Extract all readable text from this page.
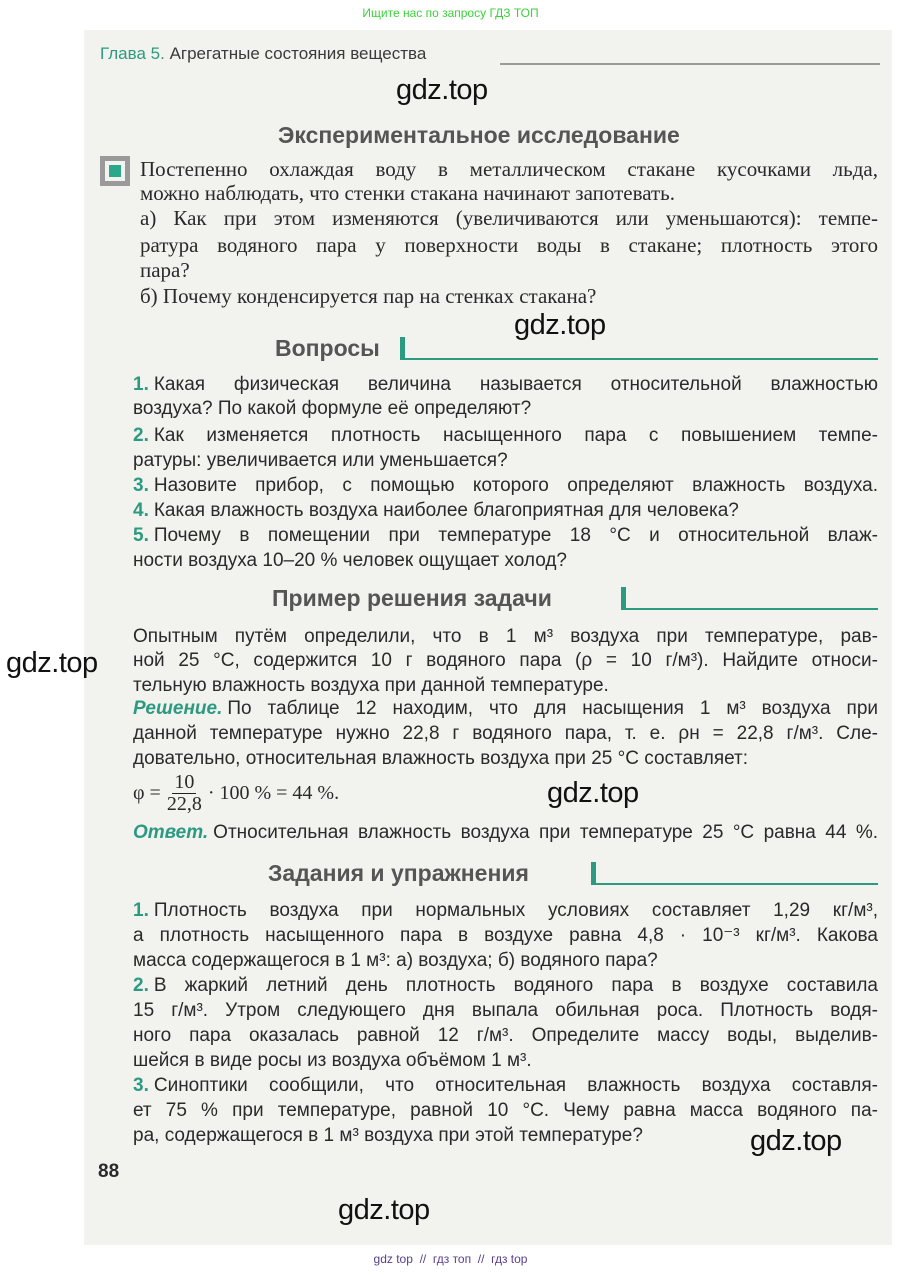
Ищите нас по запросу ГДЗ ТОП
Глава 5. Агрегатные состояния вещества
gdz.top
Экспериментальное исследование
Постепенно охлаждая воду в металлическом стакане кусочками льда,
можно наблюдать, что стенки стакана начинают запотевать.
а) Как при этом изменяются (увеличиваются или уменьшаются): темпе-
ратура водяного пара у поверхности воды в стакане; плотность этого
пара?
б) Почему конденсируется пар на стенках стакана?
gdz.top
Вопросы
1. Какая физическая величина называется относительной влажностью
воздуха? По какой формуле её определяют?
2. Как изменяется плотность насыщенного пара с повышением темпе-
ратуры: увеличивается или уменьшается?
3. Назовите прибор, с помощью которого определяют влажность воздуха.
4. Какая влажность воздуха наиболее благоприятная для человека?
5. Почему в помещении при температуре 18 °С и относительной влаж-
ности воздуха 10–20 % человек ощущает холод?
Пример решения задачи
Опытным путём определили, что в 1 м³ воздуха при температуре, рав-
ной 25 °С, содержится 10 г водяного пара (ρ = 10 г/м³). Найдите относи-
тельную влажность воздуха при данной температуре.
Решение. По таблице 12 находим, что для насыщения 1 м³ воздуха при
данной температуре нужно 22,8 г водяного пара, т. е. ρн = 22,8 г/м³. Сле-
довательно, относительная влажность воздуха при 25 °С составляет:
gdz.top
$\varphi = \frac{10}{22,8} \cdot 100$ % = 44 %.	gdz.top
Ответ. Относительная влажность воздуха при температуре 25 °С равна 44 %.
Задания и упражнения
1. Плотность воздуха при нормальных условиях составляет 1,29 кг/м³,
а плотность насыщенного пара в воздухе равна 4,8 · 10⁻³ кг/м³. Какова
масса содержащегося в 1 м³: а) воздуха; б) водяного пара?
2. В жаркий летний день плотность водяного пара в воздухе составила
15 г/м³. Утром следующего дня выпала обильная роса. Плотность водя-
ного пара оказалась равной 12 г/м³. Определите массу воды, выделив-
шейся в виде росы из воздуха объёмом 1 м³.
3. Синоптики сообщили, что относительная влажность воздуха составля-
ет 75 % при температуре, равной 10 °С. Чему равна масса водяного па-
ра, содержащегося в 1 м³ воздуха при этой температуре?	gdz.top
88
gdz.top
gdz top  //  гдз топ  //  гдз top
